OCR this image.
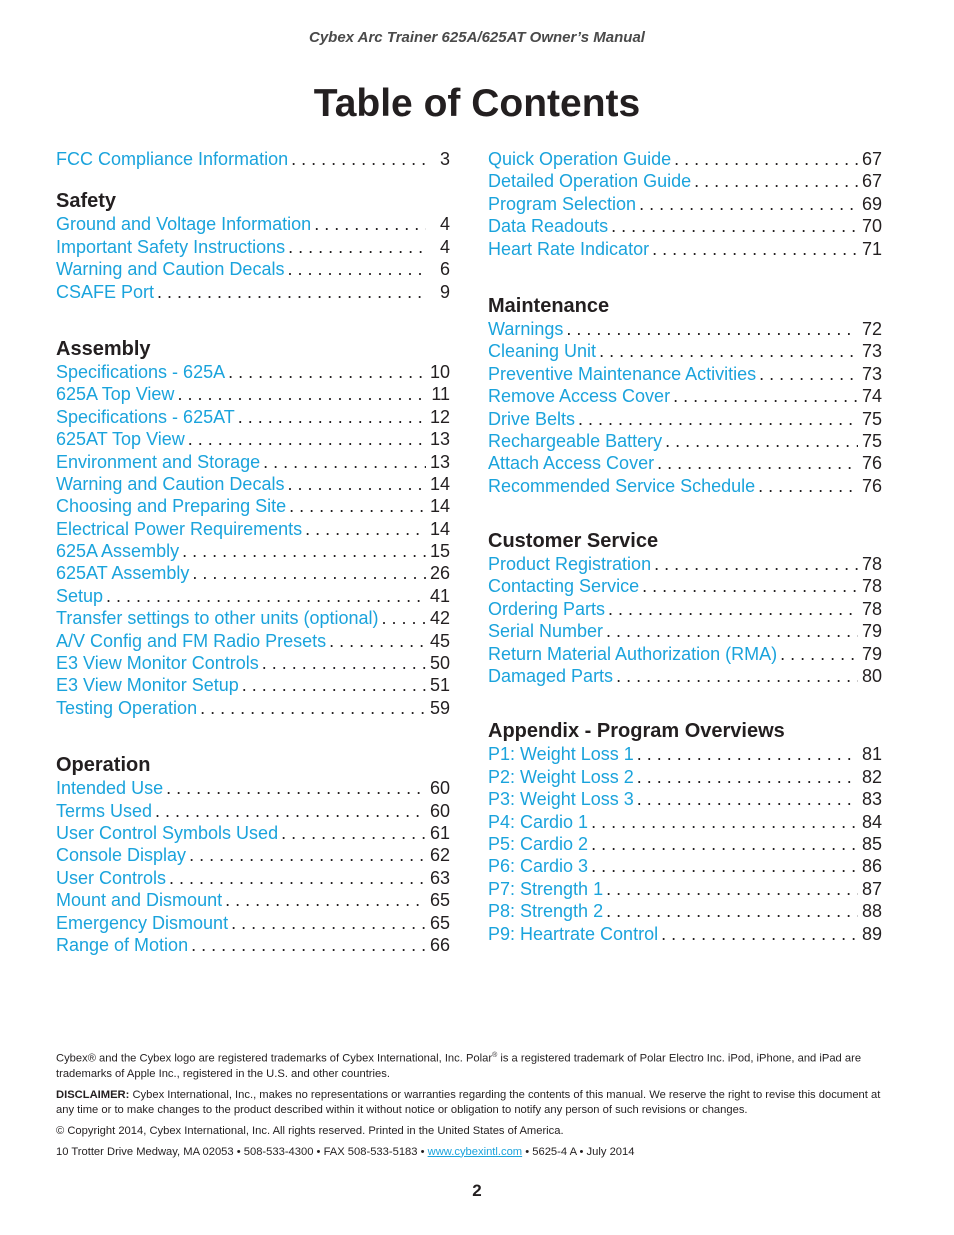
Cybex Arc Trainer 625A/625AT Owner’s Manual
Table of Contents
FCC Compliance Information . . .	3
Safety
Ground and Voltage Information . . .	4
Important Safety Instructions . . .	4
Warning and Caution Decals . . .	6
CSAFE Port . . .	9
Assembly
Specifications - 625A . . .	10
625A Top View . . .	11
Specifications - 625AT . . .	12
625AT Top View . . .	13
Environment and Storage . . .	13
Warning and Caution Decals . . .	14
Choosing and Preparing Site . . .	14
Electrical Power Requirements . . .	14
625A Assembly . . .	15
625AT Assembly . . .	26
Setup . . .	41
Transfer settings to other units (optional) . . .	42
A/V Config and FM Radio Presets . . .	45
E3 View Monitor Controls . . .	50
E3 View Monitor Setup . . .	51
Testing Operation . . .	59
Operation
Intended Use . . .	60
Terms Used . . .	60
User Control Symbols Used . . .	61
Console Display . . .	62
User Controls . . .	63
Mount and Dismount . . .	65
Emergency Dismount . . .	65
Range of Motion . . .	66
Quick Operation Guide . . .	67
Detailed Operation Guide . . .	67
Program Selection . . .	69
Data Readouts . . .	70
Heart Rate Indicator . . .	71
Maintenance
Warnings . . .	72
Cleaning Unit . . .	73
Preventive Maintenance Activities . . .	73
Remove Access Cover . . .	74
Drive Belts . . .	75
Rechargeable Battery . . .	75
Attach Access Cover . . .	76
Recommended Service Schedule . . .	76
Customer Service
Product Registration . . .	78
Contacting Service . . .	78
Ordering Parts . . .	78
Serial Number . . .	79
Return Material Authorization (RMA) . . .	79
Damaged Parts . . .	80
Appendix - Program Overviews
P1: Weight Loss 1 . . .	81
P2: Weight Loss 2 . . .	82
P3: Weight Loss 3 . . .	83
P4: Cardio 1 . . .	84
P5: Cardio 2 . . .	85
P6: Cardio 3 . . .	86
P7: Strength 1 . . .	87
P8: Strength 2 . . .	88
P9: Heartrate Control . . .	89

Cybex® and the Cybex logo are registered trademarks of Cybex International, Inc. Polar® is a registered trademark of Polar Electro Inc. iPod, iPhone, and iPad are trademarks of Apple Inc., registered in the U.S. and other countries.

DISCLAIMER: Cybex International, Inc., makes no representations or warranties regarding the contents of this manual. We reserve the right to revise this document at any time or to make changes to the product described within it without notice or obligation to notify any person of such revisions or changes.

© Copyright 2014, Cybex International, Inc. All rights reserved. Printed in the United States of America.

10 Trotter Drive Medway, MA 02053 • 508-533-4300 • FAX 508-533-5183 • www.cybexintl.com • 5625-4 A • July 2014

2
